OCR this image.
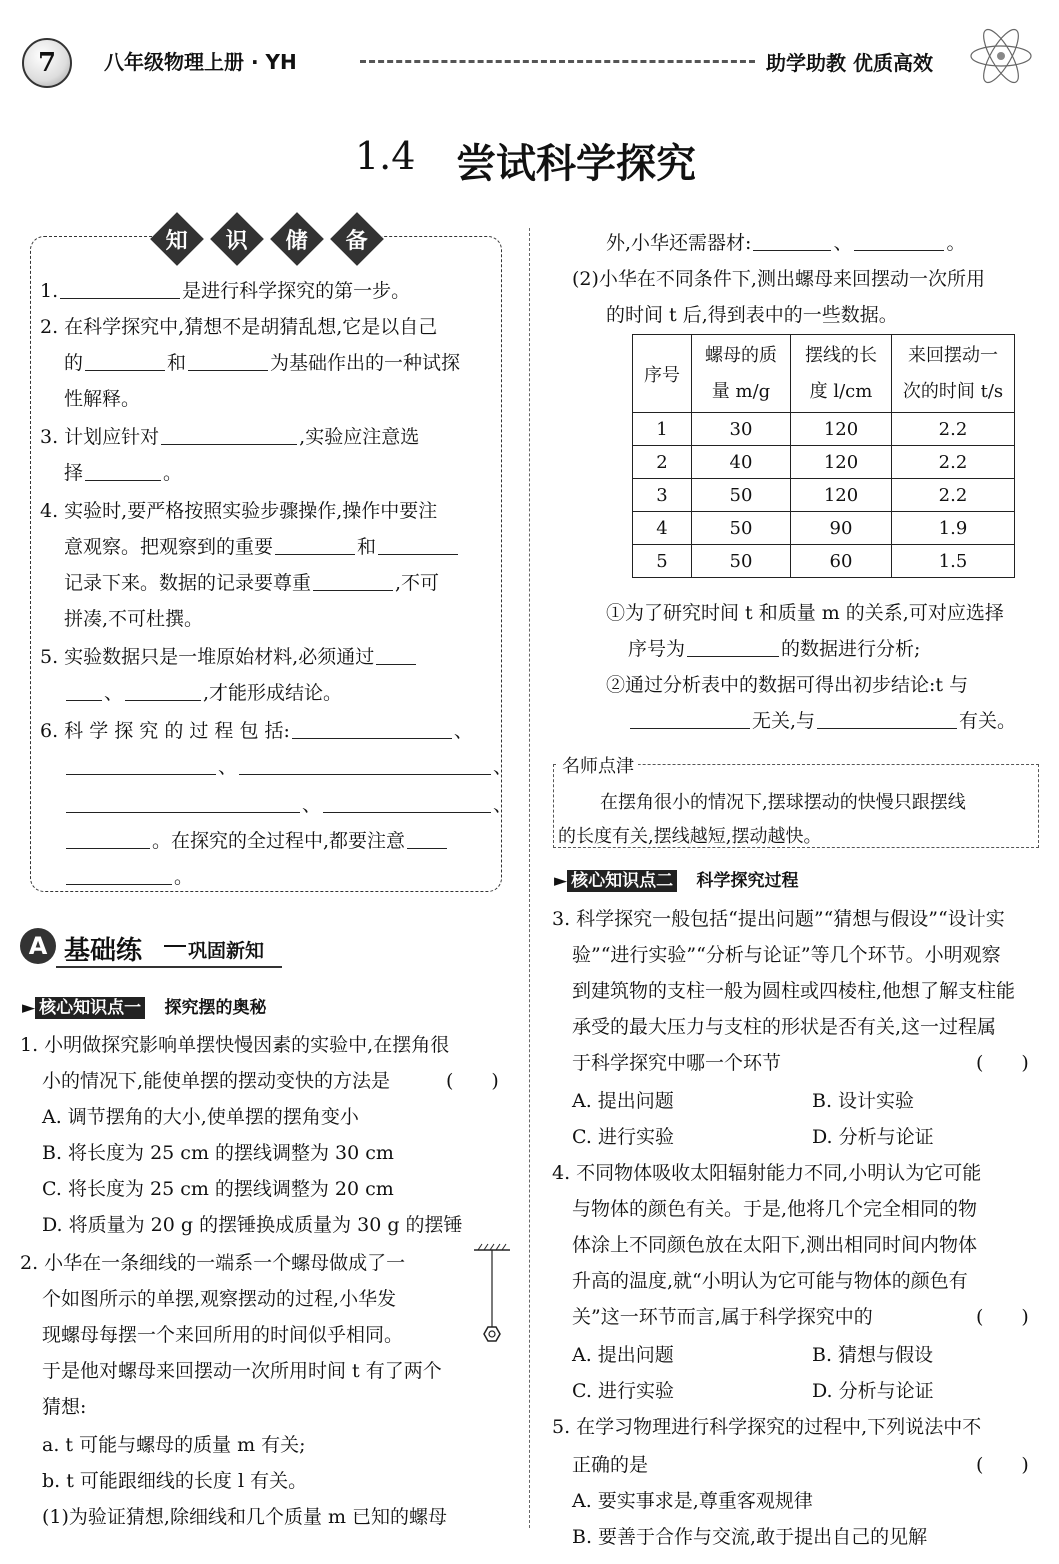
7 八年级物理上册 · YH	助学助教 优质高效
1.4 尝试科学探究
知 识 储 备
1.	是进行科学探究的第一步。
2. 在科学探究中,猜想不是胡猜乱想,它是以自己
的	和	为基础作出的一种试探
性解释。
3. 计划应针对	,实验应注意选
择	。
4. 实验时,要严格按照实验步骤操作,操作中要注
意观察。把观察到的重要	和
记录下来。数据的记录要尊重	,不可
拼凑,不可杜撰。
5. 实验数据只是一堆原始材料,必须通过
、	,才能形成结论。
6. 科 学 探 究 的 过 程 包 括:	、
、	、
、	、
。在探究的全过程中,都要注意
。
A 基础练 巩固新知
► 核心知识点一 探究摆的奥秘
1. 小明做探究影响单摆快慢因素的实验中,在摆角很
小的情况下,能使单摆的摆动变快的方法是	(　　)
A. 调节摆角的大小,使单摆的摆角变小
B. 将长度为 25 cm 的摆线调整为 30 cm
C. 将长度为 25 cm 的摆线调整为 20 cm
D. 将质量为 20 g 的摆锤换成质量为 30 g 的摆锤
2. 小华在一条细线的一端系一个螺母做成了一
个如图所示的单摆,观察摆动的过程,小华发
现螺母每摆一个来回所用的时间似乎相同。
于是他对螺母来回摆动一次所用时间 t 有了两个
猜想:
a. t 可能与螺母的质量 m 有关;
b. t 可能跟细线的长度 l 有关。
(1)为验证猜想,除细线和几个质量 m 已知的螺母
外,小华还需器材:	、	。
(2)小华在不同条件下,测出螺母来回摆动一次所用
的时间 t 后,得到表中的一些数据。
序号	螺母的质
量 m/g	摆线的长
度 l/cm	来回摆动一
次的时间 t/s
1	30	120	2.2
2	40	120	2.2
3	50	120	2.2
4	50	90	1.9
5	50	60	1.5
①为了研究时间 t 和质量 m 的关系,可对应选择
序号为	的数据进行分析;
②通过分析表中的数据可得出初步结论:t 与
无关,与	有关。
名师点津
在摆角很小的情况下,摆球摆动的快慢只跟摆线
的长度有关,摆线越短,摆动越快。
► 核心知识点二 科学探究过程
3. 科学探究一般包括“提出问题”“猜想与假设”“设计实
验”“进行实验”“分析与论证”等几个环节。小明观察
到建筑物的支柱一般为圆柱或四棱柱,他想了解支柱能
承受的最大压力与支柱的形状是否有关,这一过程属
于科学探究中哪一个环节	(　　)
A. 提出问题	B. 设计实验
C. 进行实验	D. 分析与论证
4. 不同物体吸收太阳辐射能力不同,小明认为它可能
与物体的颜色有关。于是,他将几个完全相同的物
体涂上不同颜色放在太阳下,测出相同时间内物体
升高的温度,就“小明认为它可能与物体的颜色有
关”这一环节而言,属于科学探究中的	(　　)
A. 提出问题	B. 猜想与假设
C. 进行实验	D. 分析与论证
5. 在学习物理进行科学探究的过程中,下列说法中不
正确的是	(　　)
A. 要实事求是,尊重客观规律
B. 要善于合作与交流,敢于提出自己的见解
